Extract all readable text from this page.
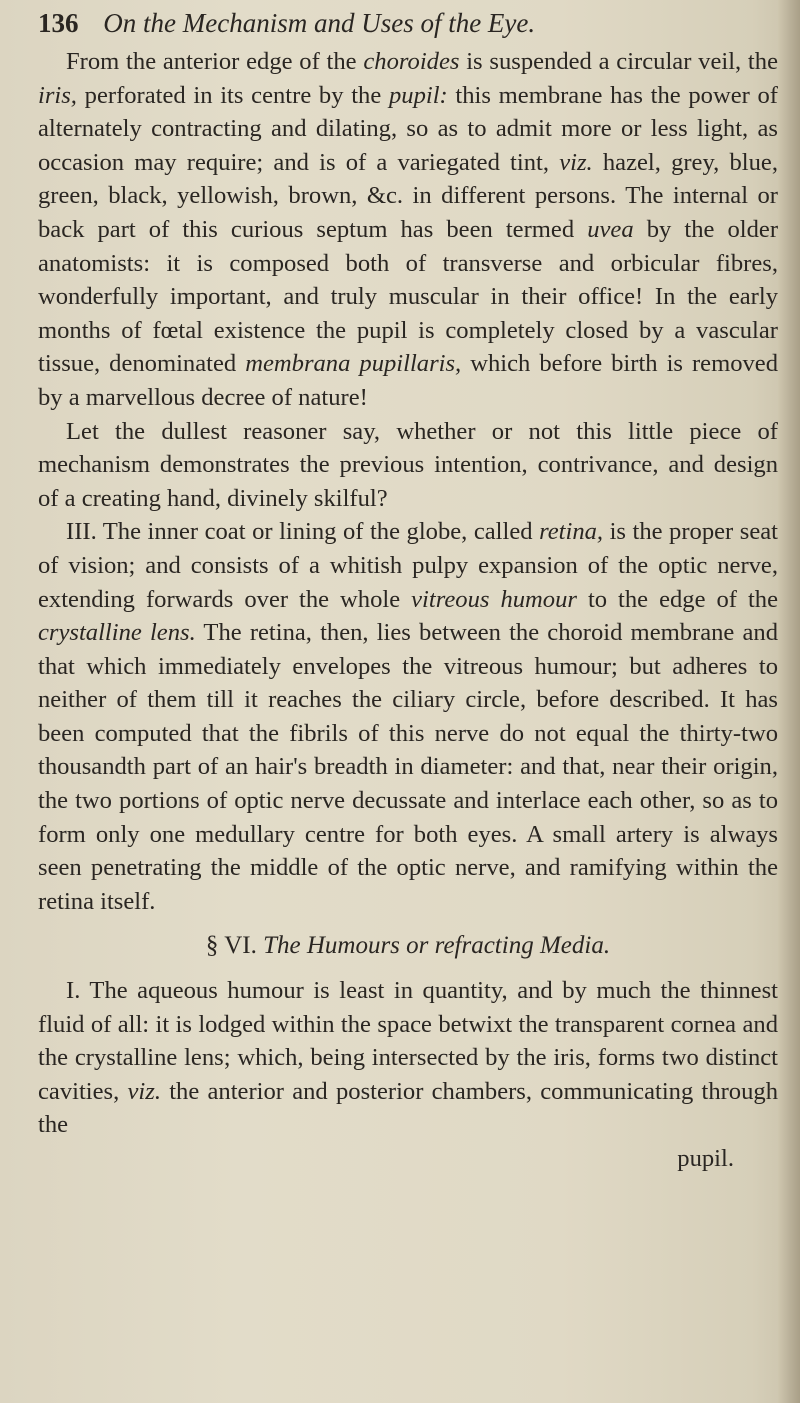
136 On the Mechanism and Uses of the Eye.

From the anterior edge of the choroides is suspended a circular veil, the iris, perforated in its centre by the pupil: this membrane has the power of alternately contracting and dilating, so as to admit more or less light, as occasion may require; and is of a variegated tint, viz. hazel, grey, blue, green, black, yellowish, brown, &c. in different persons. The internal or back part of this curious septum has been termed uvea by the older anatomists: it is composed both of transverse and orbicular fibres, wonderfully important, and truly muscular in their office! In the early months of fœtal existence the pupil is completely closed by a vascular tissue, denominated membrana pupillaris, which before birth is removed by a marvellous decree of nature!

Let the dullest reasoner say, whether or not this little piece of mechanism demonstrates the previous intention, contrivance, and design of a creating hand, divinely skilful?

III. The inner coat or lining of the globe, called retina, is the proper seat of vision; and consists of a whitish pulpy expansion of the optic nerve, extending forwards over the whole vitreous humour to the edge of the crystalline lens. The retina, then, lies between the choroid membrane and that which immediately envelopes the vitreous humour; but adheres to neither of them till it reaches the ciliary circle, before described. It has been computed that the fibrils of this nerve do not equal the thirty-two thousandth part of an hair's breadth in diameter: and that, near their origin, the two portions of optic nerve decussate and interlace each other, so as to form only one medullary centre for both eyes. A small artery is always seen penetrating the middle of the optic nerve, and ramifying within the retina itself.

§ VI. The Humours or refracting Media.

I. The aqueous humour is least in quantity, and by much the thinnest fluid of all: it is lodged within the space betwixt the transparent cornea and the crystalline lens; which, being intersected by the iris, forms two distinct cavities, viz. the anterior and posterior chambers, communicating through the

pupil.
